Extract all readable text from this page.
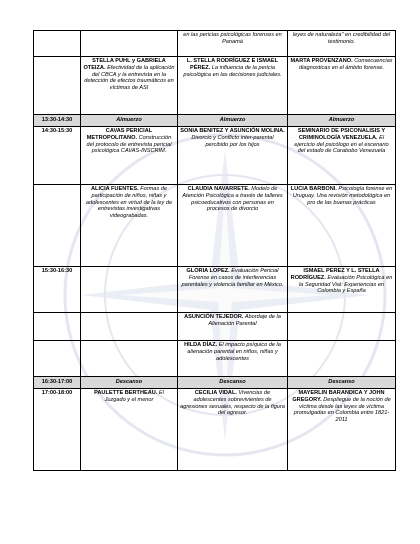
		en las pericias psicológicas forenses en Panamá	leyes de naturaleza" en credibilidad del testimonio.
	STELLA PUHL y GABRIELA OTEIZA. Efectividad de la aplicación del CBCA y la entrevista en la detección de efectos traumáticos en víctimas de ASI	L. STELLA RODRÍGUEZ E ISMAEL PÉREZ. La influencia de la pericia psicológica en las decisiones judiciales.	MARTA PROVENZANO. Consecuencias diagnosticas en el ámbito forense.
13:30-14:30	Almuerzo	Almuerzo	Almuerzo
14:30-15:30	CAVAS PERICIAL METROPOLITANO. Construcción del protocolo de entrevista pericial psicológica CAVAS-INSCRIM.	SONIA BENITEZ Y ASUNCIÓN MOLINA. Divorcio y Conflicto inter-parental percibido por los hijos	SEMINARIO DE PSICONALISIS Y CRIMINOLOGÍA VENEZUELA. El ejercicio del psicólogo en el escenario del estado de Carabobo Venezuela
	ALICIA FUENTES. Formas de participación de niños, niñas y adolescentes en virtud de la ley de entrevistas investigativas videograbadas.	CLAUDIA NAVARRETE. Modelo de Atención Psicológica a través de talleres psicoeducativos con personas en procesos de divorcio	LUCIA BARBONI. Psicología forense en Uruguay. Una revisión metodológica en pro de las buenas prácticas
15:30-16:30		GLORIA LOPEZ. Evaluación Pericial Forense en casos de interferencias parentales y violencia familiar en México.	ISMAEL PEREZ Y L. STELLA RODRÍGUEZ. Evaluación Psicológica en la Seguridad Vial: Experiencias en Colombia y España
		ASUNCIÓN TEJEDOR. Abordaje de la Alienación Parental	
		HILDA DÍAZ. El impacto psíquico de la alienación parental en niños, niñas y adolescentes	
16:30-17:00	Descanso	Descanso	Descanso
17:00-18:00	PAULETTE BERTHEAU. El Juzgado y el menor	CECILIA VIDAL. Vivencias de adolescentes sobrevivientes de agresiones sexuales, respecto de la figura del agresor.	MAYERLIN BARANDICA Y JOHN GREGORY. Despliegue de la noción de víctima desde las leyes de víctima promulgadas en Colombia entre 1821-2011
